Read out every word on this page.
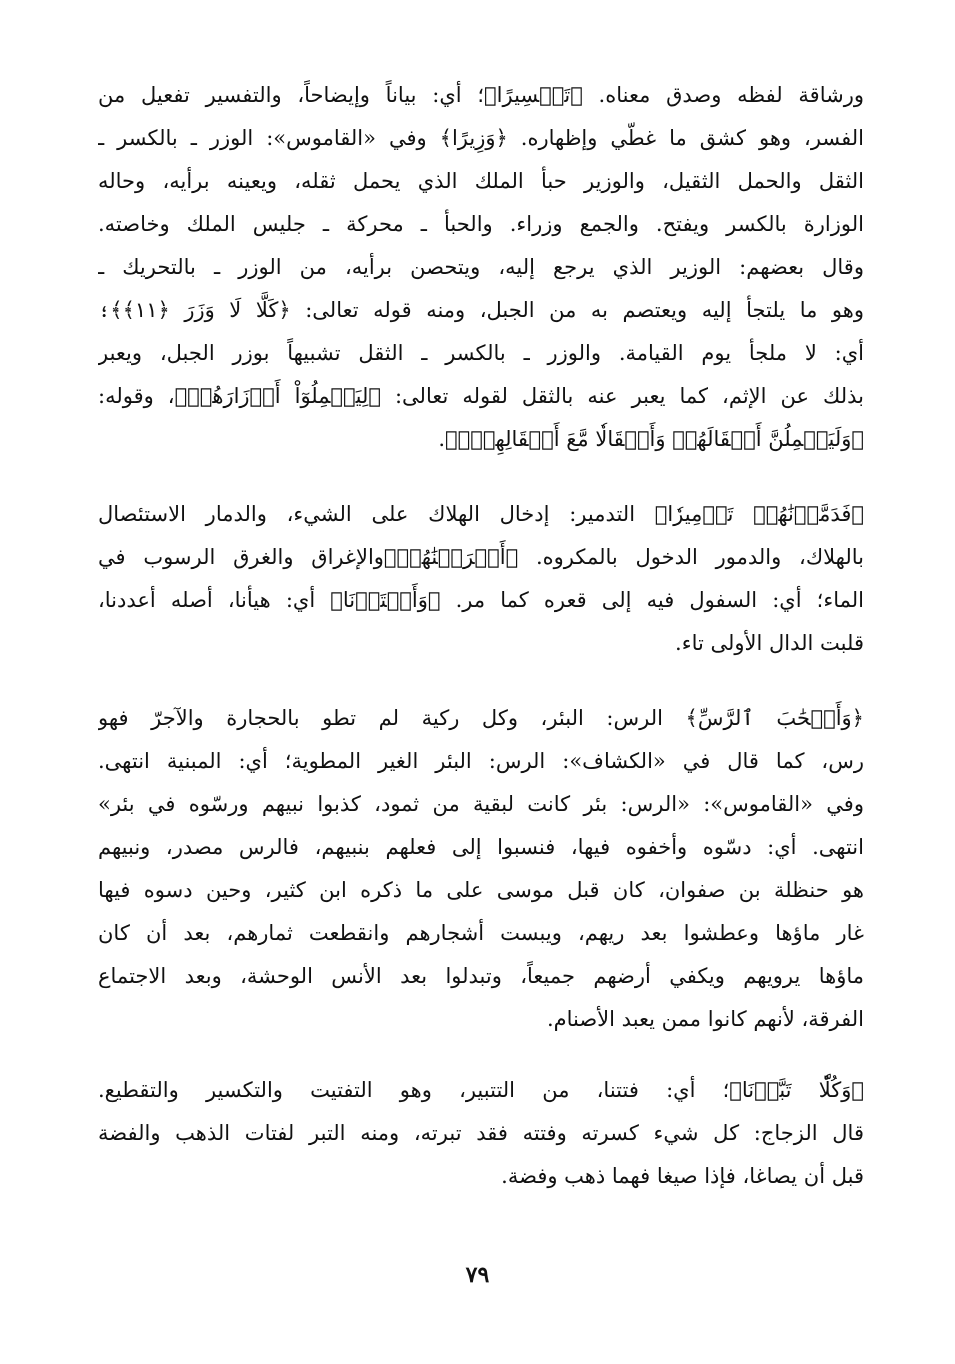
ورشاقة لفظه وصدق معناه. ﴿تَفۡسِيرًا﴾؛ أي: بياناً وإيضاحاً، والتفسير تفعيل من
الفسر، وهو كشق ما غطّي وإظهاره. ﴿وَزِيرًا﴾ وفي «القاموس»: الوزر ـ بالكسر ـ
الثقل والحمل الثقيل، والوزير حبأ الملك الذي يحمل ثقله، ويعينه برأيه، وحاله
الوزارة بالكسر ويفتح. والجمع وزراء. والحبأ ـ محركة ـ جليس الملك وخاصته.
وقال بعضهم: الوزير الذي يرجع إليه، ويتحصن برأيه، من الوزر ـ بالتحريك ـ
وهو ما يلتجأ إليه ويعتصم به من الجبل، ومنه قوله تعالى: ﴿كَلَّا لَا وَزَرَ ﴿١١﴾﴾؛
أي: لا ملجأ يوم القيامة. والوزر ـ بالكسر ـ الثقل تشبيهاً بوزر الجبل، ويعبر
بذلك عن الإثم، كما يعبر عنه بالثقل لقوله تعالى: ﴿لِيَحۡمِلُوٓاْ أَوۡزَارَهُمۡ﴾، وقوله:
﴿وَلَيَحۡمِلُنَّ أَثۡقَالَهُمۡ وَأَثۡقَالٗا مَّعَ أَثۡقَالِهِمۡۖ﴾.
﴿فَدَمَّرۡنَٰهُمۡ تَدۡمِيرٗا﴾ التدمير: إدخال الهلاك على الشيء، والدمار الاستئصال
بالهلاك، والدمور الدخول بالمكروه. ﴿أَغۡرَقۡنَٰهُمۡ﴾والإغراق والغرق الرسوب في
الماء؛ أي: السفول فيه إلى قعره كما مر. ﴿وَأَعۡتَدۡنَا﴾ أي: هيأنا، أصله أعددنا،
قلبت الدال الأولى تاء.
﴿وَأَصۡحَٰبَ ٱلرَّسِّ﴾ الرس: البئر، وكل ركية لم تطو بالحجارة والآجرّ فهو
رس، كما قال في «الكشاف»: الرس: البئر الغير المطوية؛ أي: المبنية انتهى.
وفي «القاموس»: «الرس: بئر كانت لبقية من ثمود، كذبوا نبيهم ورسّوه في بئر»
انتهى. أي: دسّوه وأخفوه فيها، فنسبوا إلى فعلهم بنبيهم، فالرس مصدر، ونبيهم
هو حنظلة بن صفوان، كان قبل موسى على ما ذكره ابن كثير، وحين دسوه فيها
غار ماؤها وعطشوا بعد ريهم، ويبست أشجارهم وانقطعت ثمارهم، بعد أن كان
ماؤها يرويهم ويكفي أرضهم جميعاً، وتبدلوا بعد الأنس الوحشة، وبعد الاجتماع
الفرقة، لأنهم كانوا ممن يعبد الأصنام.
﴿وَكُلّٗا تَبَّرۡنَا﴾؛ أي: فتتنا، من التتبير، وهو التفتيت والتكسير والتقطيع.
قال الزجاج: كل شيء كسرته وفتته فقد تبرته، ومنه التبر لفتات الذهب والفضة
قبل أن يصاغا، فإذا صيغا فهما ذهب وفضة.
٧٩
